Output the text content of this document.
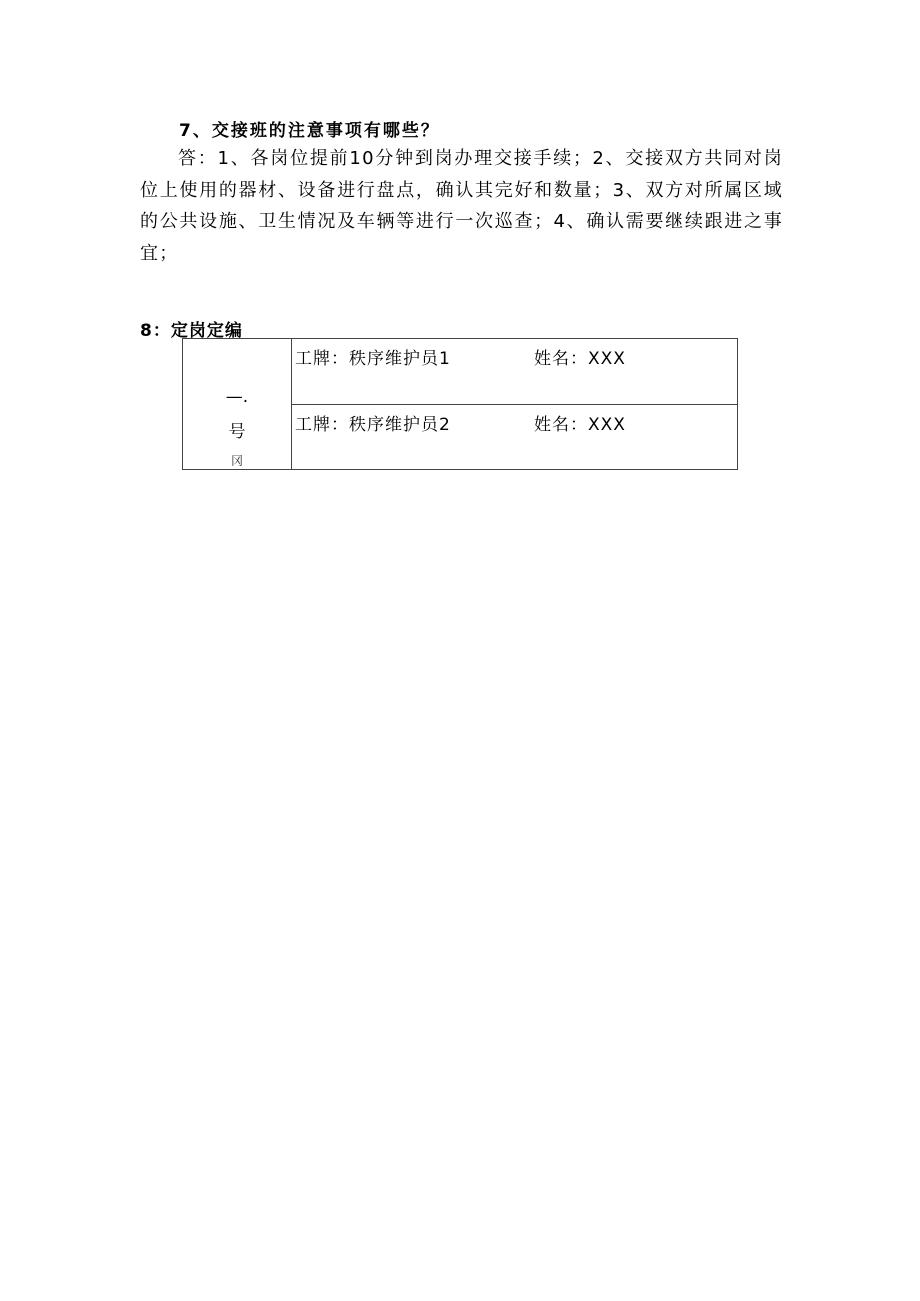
7、交接班的注意事项有哪些？

答：1、各岗位提前10分钟到岗办理交接手续；2、交接双方共同对岗位上使用的器材、设备进行盘点，确认其完好和数量；3、双方对所属区域的公共设施、卫生情况及车辆等进行一次巡查；4、确认需要继续跟进之事宜；

8：定岗定编
—.
号
冈

工牌：秩序维护员1	姓名：XXX

工牌：秩序维护员2	姓名：XXX
